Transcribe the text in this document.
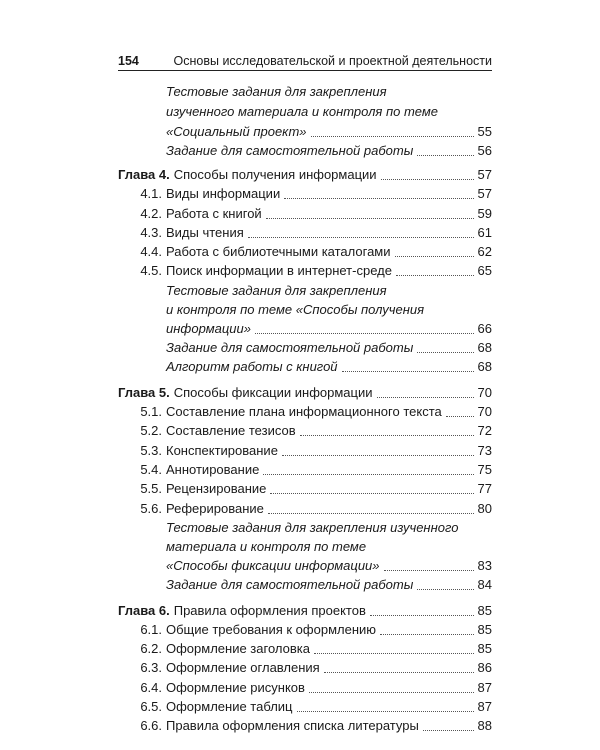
154	Основы исследовательской и проектной деятельности
Тестовые задания для закрепления
изученного материала и контроля по теме
«Социальный проект»	55
Задание для самостоятельной работы	56
Глава 4. Способы получения информации	57
4.1. Виды информации	57
4.2. Работа с книгой	59
4.3. Виды чтения	61
4.4. Работа с библиотечными каталогами	62
4.5. Поиск информации в интернет-среде	65
Тестовые задания для закрепления
и контроля по теме «Способы получения
информации»	66
Задание для самостоятельной работы	68
Алгоритм работы с книгой	68
Глава 5. Способы фиксации информации	70
5.1. Составление плана информационного текста	70
5.2. Составление тезисов	72
5.3. Конспектирование	73
5.4. Аннотирование	75
5.5. Рецензирование	77
5.6. Реферирование	80
Тестовые задания для закрепления изученного
материала и контроля по теме
«Способы фиксации информации»	83
Задание для самостоятельной работы	84
Глава 6. Правила оформления проектов	85
6.1. Общие требования к оформлению	85
6.2. Оформление заголовка	85
6.3. Оформление оглавления	86
6.4. Оформление рисунков	87
6.5. Оформление таблиц	87
6.6. Правила оформления списка литературы	88
